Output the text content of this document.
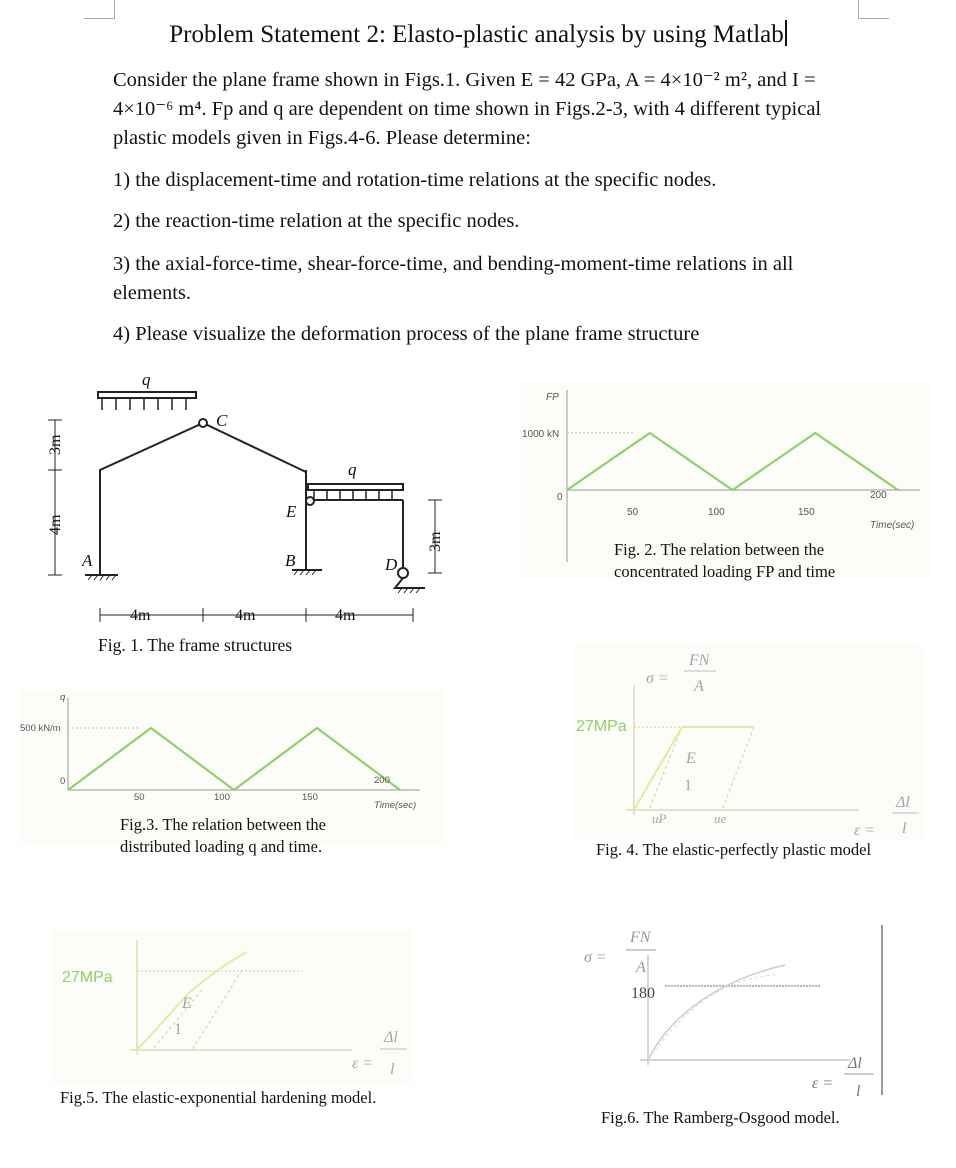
Problem Statement 2: Elasto-plastic analysis by using Matlab
Consider the plane frame shown in Figs.1. Given E = 42 GPa, A = 4×10⁻² m², and I = 4×10⁻⁶ m⁴. Fp and q are dependent on time shown in Figs.2-3, with 4 different typical plastic models given in Figs.4-6. Please determine:
1) the displacement-time and rotation-time relations at the specific nodes.
2) the reaction-time relation at the specific nodes.
3) the axial-force-time, shear-force-time, and bending-moment-time relations in all elements.
4) Please visualize the deformation process of the plane frame structure
A	B
C
D
E
q
q
4m	4m	4m
4m
3m
3m
Fig. 1. The frame structures
FP
1000 kN
0
50	100	150
200
Time(sec)
Fig. 2. The relation between the
concentrated loading FP and time
q
500 kN/m
0
50	100	150
200
Time(sec)
Fig.3. The relation between the
distributed loading q and time.
σ =
FN
A
E
1
uP	ue
ε =
Δl
l
27MPa
Fig. 4. The elastic-perfectly plastic model
E
1
ε =
Δl
l
27MPa
Fig.5. The elastic-exponential hardening model.
σ =
FN
A
180
ε =
Δl
l
Fig.6. The Ramberg-Osgood model.
